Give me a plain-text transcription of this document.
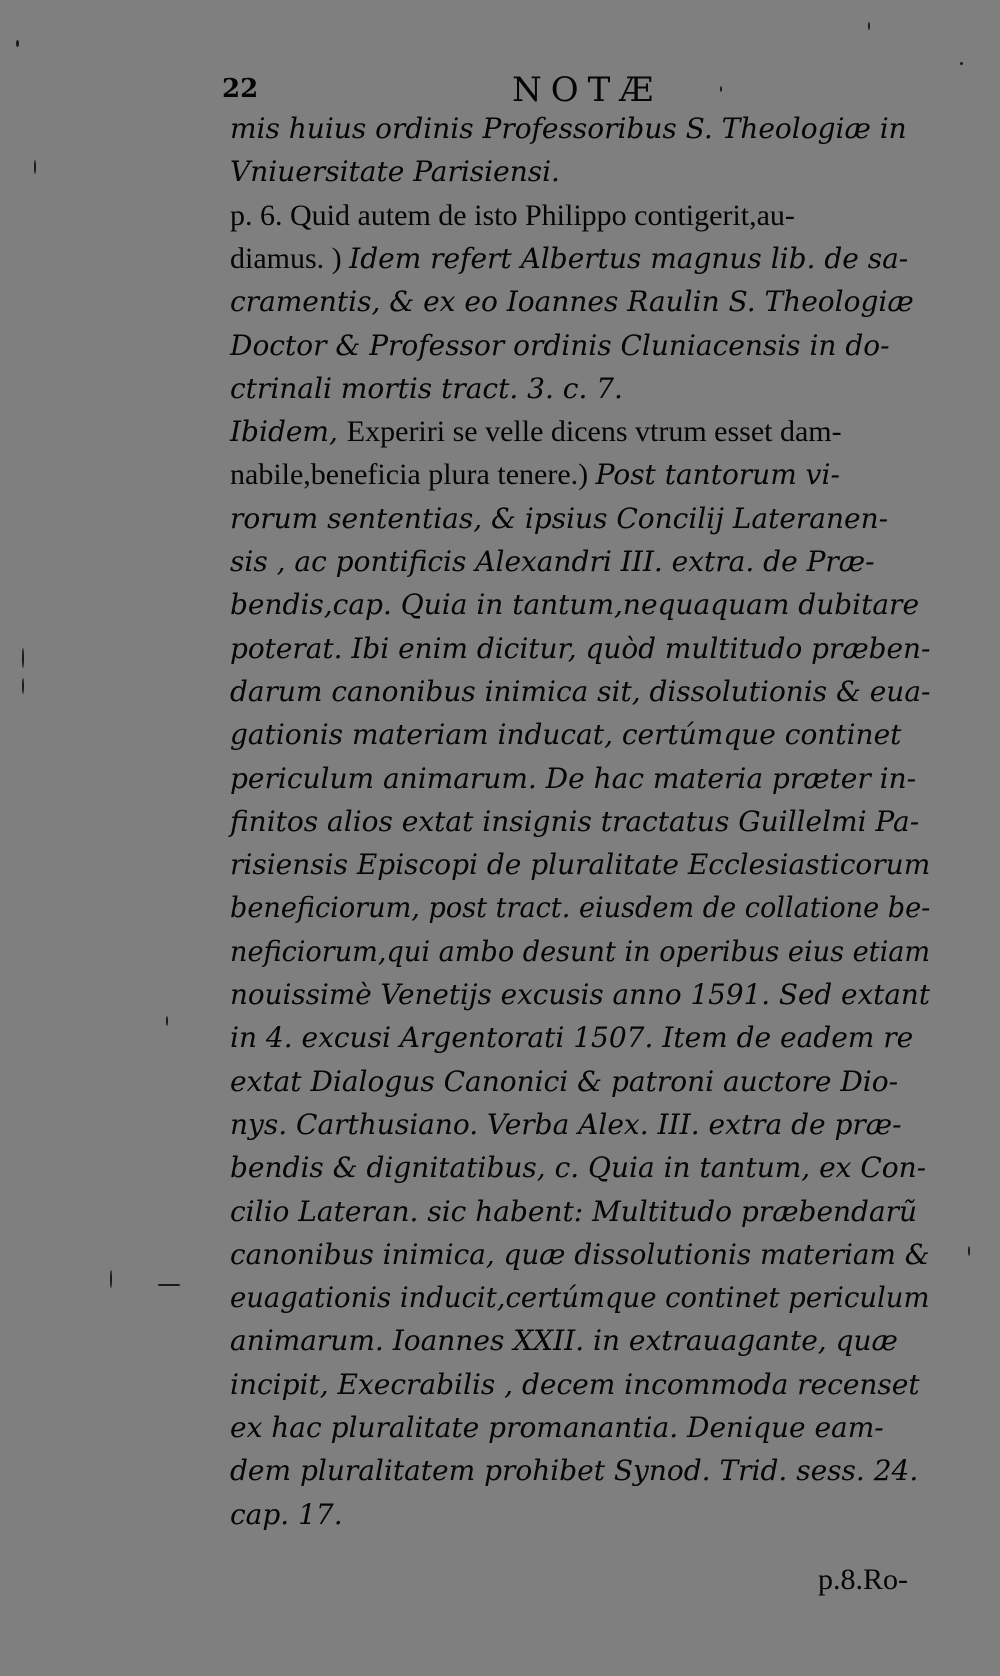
22	NOTÆ
mis huius ordinis Professoribus S. Theologiæ in
Vniuersitate Parisiensi.
p. 6. Quid autem de isto Philippo contigerit,au-
diamus. ) Idem refert Albertus magnus lib. de sa-
cramentis, & ex eo Ioannes Raulin S. Theologiæ
Doctor & Professor ordinis Cluniacensis in do-
ctrinali mortis tract. 3. c. 7.
Ibidem, Experiri se velle dicens vtrum esset dam-
nabile,beneficia plura tenere.) Post tantorum vi-
rorum sententias, & ipsius Concilij Lateranen-
sis , ac pontificis Alexandri III. extra. de Præ-
bendis,cap. Quia in tantum,nequaquam dubitare
poterat. Ibi enim dicitur, quòd multitudo præben-
darum canonibus inimica sit, dissolutionis & eua-
gationis materiam inducat, certúmque continet
periculum animarum. De hac materia præter in-
finitos alios extat insignis tractatus Guillelmi Pa-
risiensis Episcopi de pluralitate Ecclesiasticorum
beneficiorum, post tract. eiusdem de collatione be-
neficiorum,qui ambo desunt in operibus eius etiam
nouissimè Venetijs excusis anno 1591. Sed extant
in 4. excusi Argentorati 1507. Item de eadem re
extat Dialogus Canonici & patroni auctore Dio-
nys. Carthusiano. Verba Alex. III. extra de præ-
bendis & dignitatibus, c. Quia in tantum, ex Con-
cilio Lateran. sic habent: Multitudo præbendarũ
canonibus inimica, quæ dissolutionis materiam &
euagationis inducit,certúmque continet periculum
animarum. Ioannes XXII. in extrauagante, quæ
incipit, Execrabilis , decem incommoda recenset
ex hac pluralitate promanantia. Denique eam-
dem pluralitatem prohibet Synod. Trid. sess. 24.
cap. 17.
p.8.Ro-
